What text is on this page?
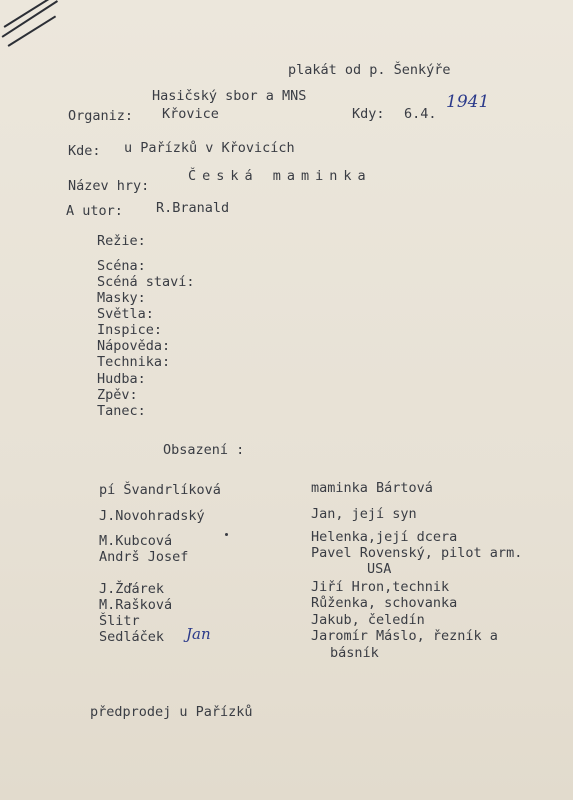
plakát od p. Šenkýře
Hasičský sbor a MNS
Organiz: Křovice	Kdy: 6.4.
1941
Kde: u Pařízků v Křovicích
Název hry:
Česká maminka
A utor: R.Branald
Režie:
Scéna:
Scéná staví:
Masky:
Světla:
Inspice:
Nápověda:
Technika:
Hudba:
Zpěv:
Tanec:
Obsazení :
pí Švandrlíková	maminka Bártová
J.Novohradský	Jan, její syn
M.Kubcová	Helenka,její dcera
Andrš Josef	Pavel Rovenský, pilot arm.
USA
J.Žďárek	Jiří Hron,technik
M.Rašková	Růženka, schovanka
Šlitr	Jakub, čeledín
Sedláček Jan	Jaromír Máslo, řezník a
básník
předprodej u Pařízků
